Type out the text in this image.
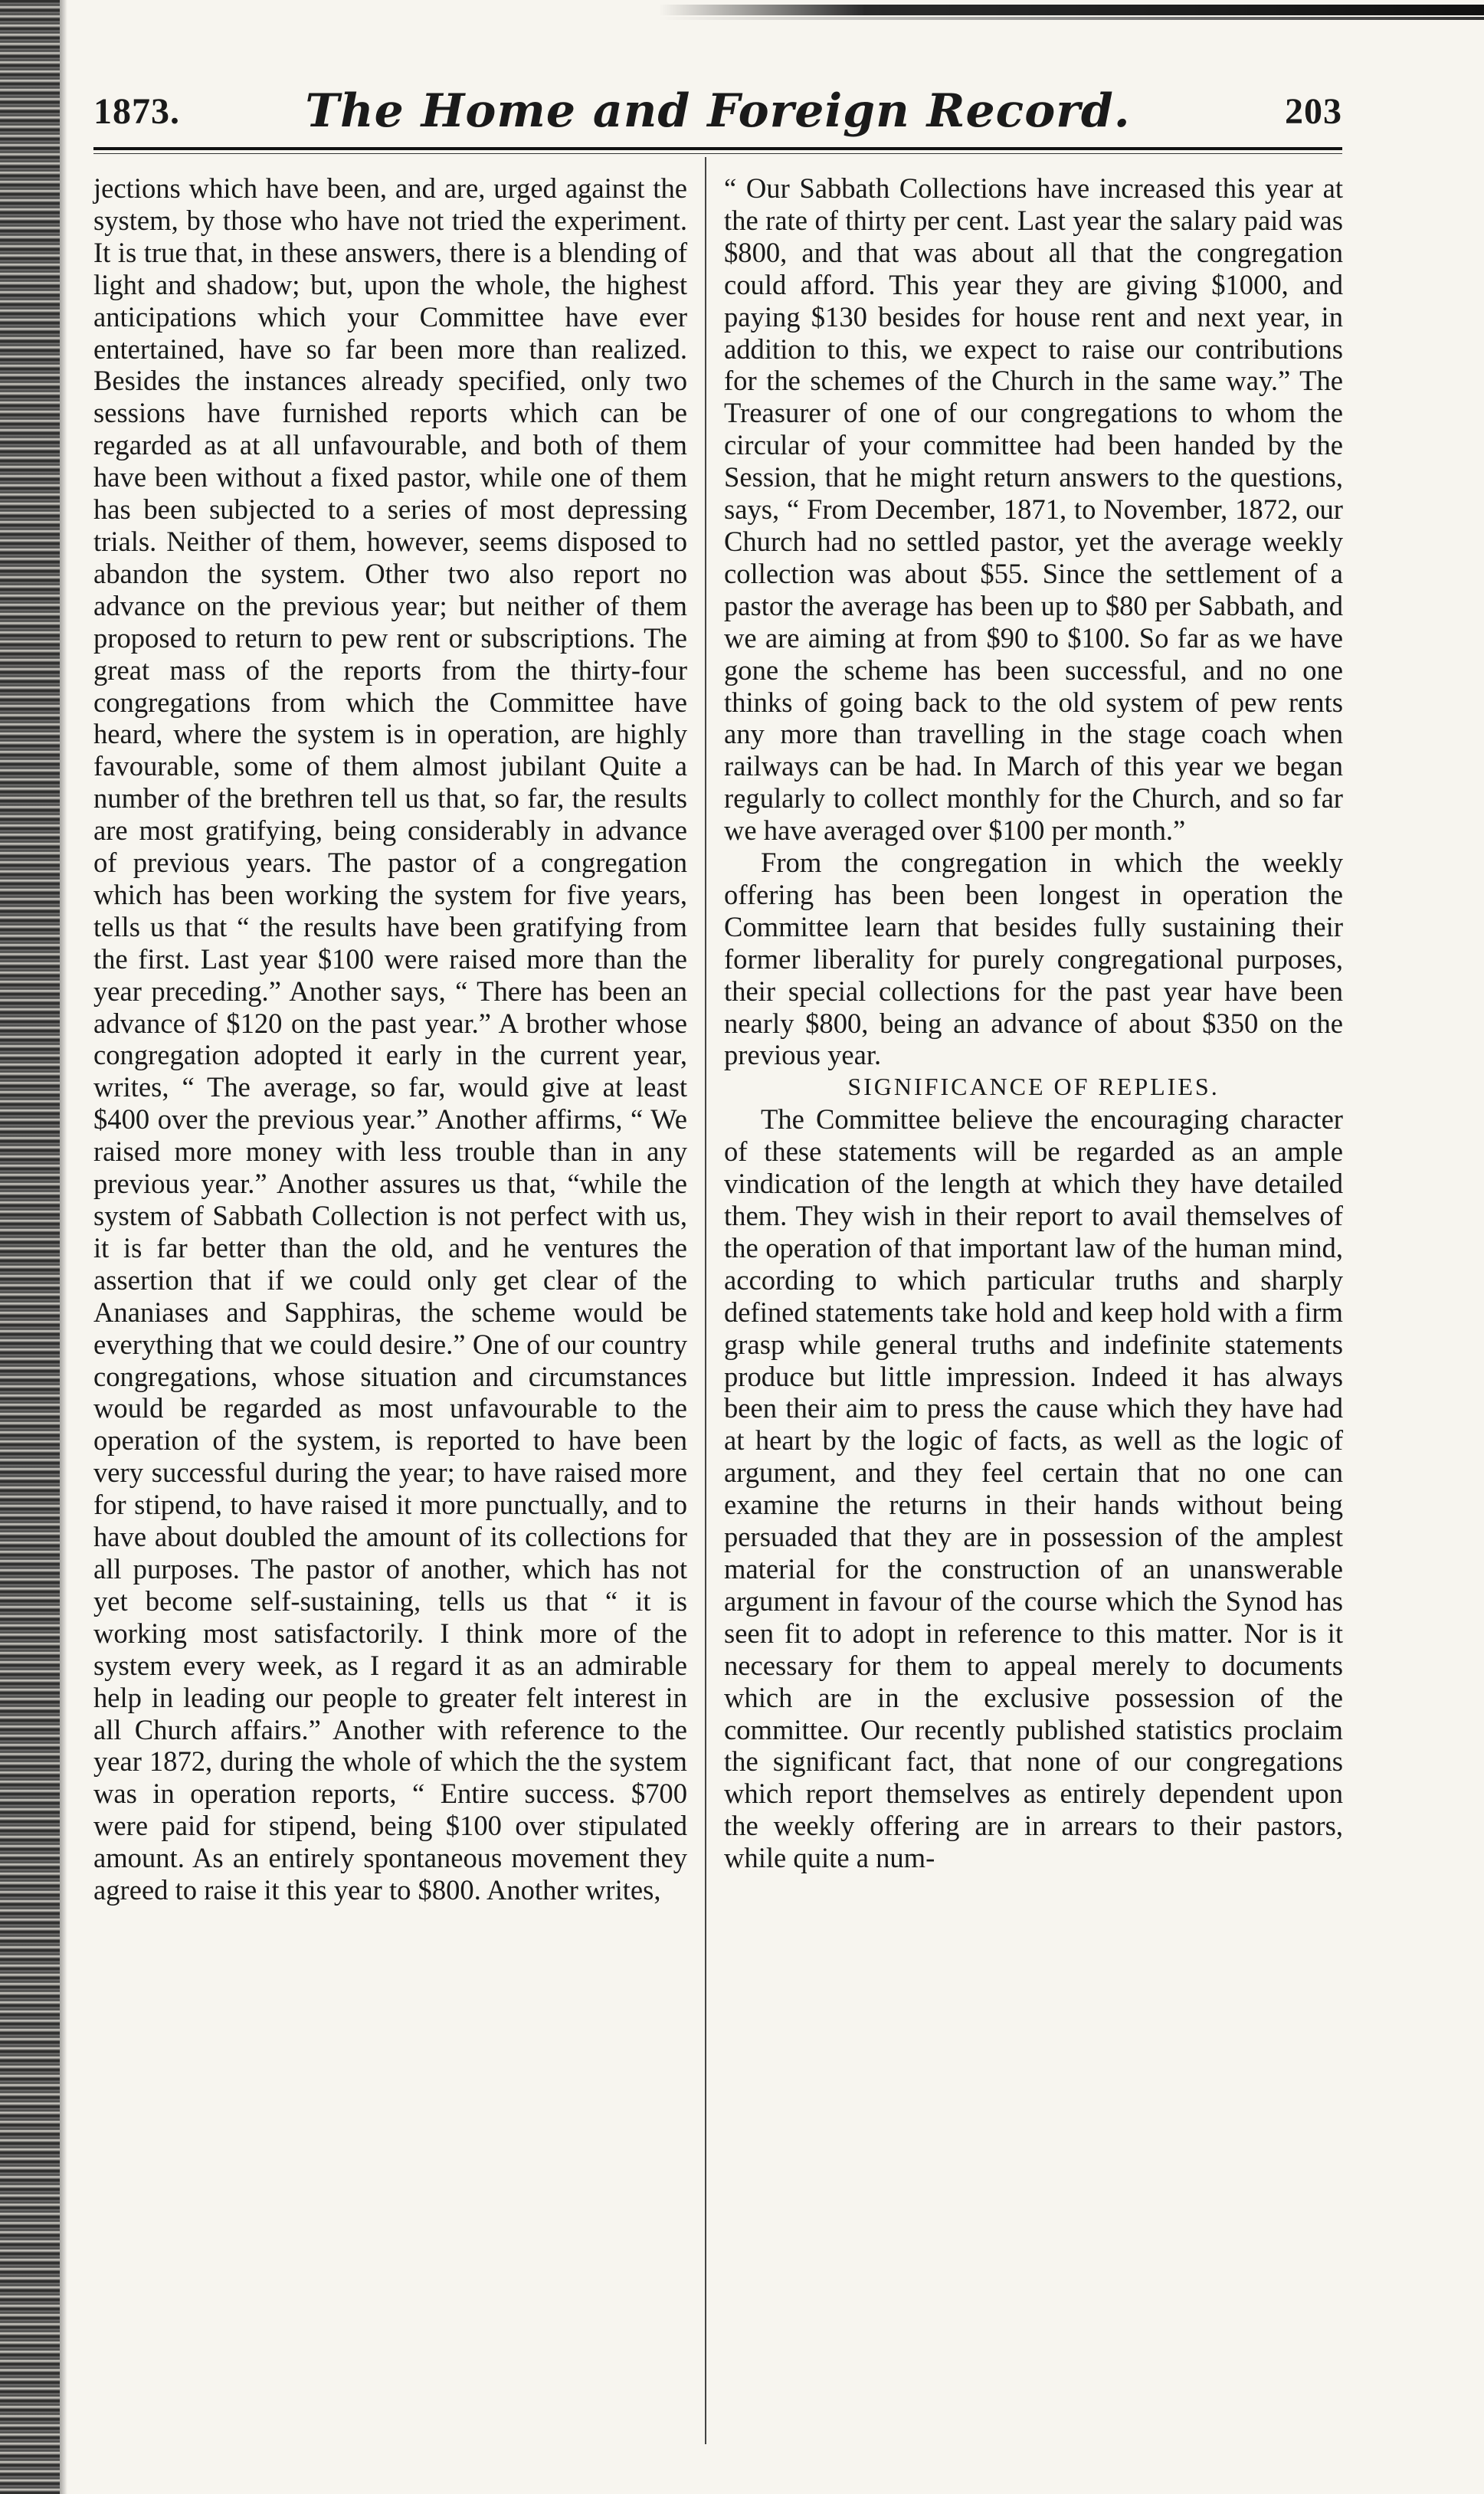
1873.	The Home and Foreign Record.	203

jections which have been, and are, urged against the system, by those who have not tried the experiment. It is true that, in these answers, there is a blending of light and shadow; but, upon the whole, the highest anticipations which your Committee have ever entertained, have so far been more than realized. Besides the instances already specified, only two sessions have furnished reports which can be regarded as at all unfavourable, and both of them have been without a fixed pastor, while one of them has been subjected to a series of most depressing trials. Neither of them, however, seems disposed to abandon the system. Other two also report no advance on the previous year; but neither of them proposed to return to pew rent or subscriptions. The great mass of the reports from the thirty-four congregations from which the Committee have heard, where the system is in operation, are highly favourable, some of them almost jubilant Quite a number of the brethren tell us that, so far, the results are most gratifying, being considerably in advance of previous years. The pastor of a congregation which has been working the system for five years, tells us that “ the results have been gratifying from the first. Last year $100 were raised more than the year preceding.” Another says, “ There has been an advance of $120 on the past year.” A brother whose congregation adopted it early in the current year, writes, “ The average, so far, would give at least $400 over the previous year.” Another affirms, “ We raised more money with less trouble than in any previous year.” Another assures us that, “while the system of Sabbath Collection is not perfect with us, it is far better than the old, and he ventures the assertion that if we could only get clear of the Ananiases and Sapphiras, the scheme would be everything that we could desire.” One of our country congregations, whose situation and circumstances would be regarded as most unfavourable to the operation of the system, is reported to have been very successful during the year; to have raised more for stipend, to have raised it more punctually, and to have about doubled the amount of its collections for all purposes. The pastor of another, which has not yet become self-sustaining, tells us that “ it is working most satisfactorily. I think more of the system every week, as I regard it as an admirable help in leading our people to greater felt interest in all Church affairs.” Another with reference to the year 1872, during the whole of which the the system was in operation reports, “ Entire success. $700 were paid for stipend, being $100 over stipulated amount. As an entirely spontaneous movement they agreed to raise it this year to $800. Another writes,

“ Our Sabbath Collections have increased this year at the rate of thirty per cent. Last year the salary paid was $800, and that was about all that the congregation could afford. This year they are giving $1000, and paying $130 besides for house rent and next year, in addition to this, we expect to raise our contributions for the schemes of the Church in the same way.” The Treasurer of one of our congregations to whom the circular of your committee had been handed by the Session, that he might return answers to the questions, says, “ From December, 1871, to November, 1872, our Church had no settled pastor, yet the average weekly collection was about $55. Since the settlement of a pastor the average has been up to $80 per Sabbath, and we are aiming at from $90 to $100. So far as we have gone the scheme has been successful, and no one thinks of going back to the old system of pew rents any more than travelling in the stage coach when railways can be had. In March of this year we began regularly to collect monthly for the Church, and so far we have averaged over $100 per month.”

From the congregation in which the weekly offering has been been longest in operation the Committee learn that besides fully sustaining their former liberality for purely congregational purposes, their special collections for the past year have been nearly $800, being an advance of about $350 on the previous year.

SIGNIFICANCE OF REPLIES.

The Committee believe the encouraging character of these statements will be regarded as an ample vindication of the length at which they have detailed them. They wish in their report to avail themselves of the operation of that important law of the human mind, according to which particular truths and sharply defined statements take hold and keep hold with a firm grasp while general truths and indefinite statements produce but little impression. Indeed it has always been their aim to press the cause which they have had at heart by the logic of facts, as well as the logic of argument, and they feel certain that no one can examine the returns in their hands without being persuaded that they are in possession of the amplest material for the construction of an unanswerable argument in favour of the course which the Synod has seen fit to adopt in reference to this matter. Nor is it necessary for them to appeal merely to documents which are in the exclusive possession of the committee. Our recently published statistics proclaim the significant fact, that none of our congregations which report themselves as entirely dependent upon the weekly offering are in arrears to their pastors, while quite a num-
